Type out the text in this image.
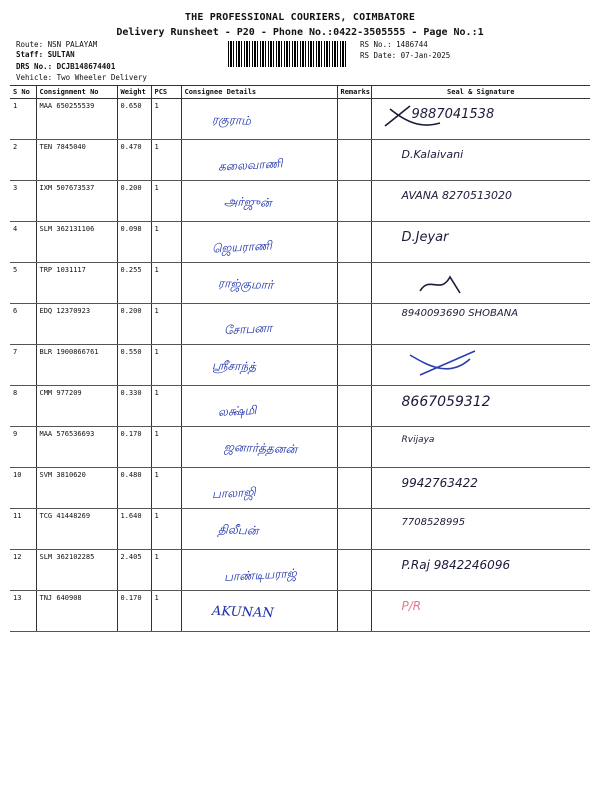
THE PROFESSIONAL COURIERS, COIMBATORE
Delivery Runsheet - P20 - Phone No.:0422-3505555 - Page No.:1
Route: NSN PALAYAM
Staff: SULTAN
DRS No.: DCJB148674401
Vehicle: Two Wheeler Delivery
RS No.: 1486744
RS Date: 07-Jan-2025
S No	Consignment No	Weight	PCS	Consignee Details	Remarks	Seal & Signature
1	MAA 650255539	0.650	1	ரகுராம்		9887041538

2	TEN 7845040	0.470	1	கலைவாணி		D.Kalaivani

3	IXM 507673537	0.200	1	அர்ஜுன்		AVANA 8270513020

4	SLM 362131106	0.098	1	ஜெயராணி		D.Jeyar

5	TRP 1031117	0.255	1	ராஜ்குமார்

6	EDQ 12370923	0.200	1	சோபனா		8940093690 SHOBANA

7	BLR 1900866761	0.550	1	ஸ்ரீசாந்த்

8	CMM 977209	0.330	1	லக்ஷ்மி		8667059312

9	MAA 576536693	0.170	1	ஜனார்த்தனன்		Rvijaya

10	SVM 3810620	0.480	1	பாலாஜி		9942763422

11	TCG 41448269	1.640	1	திலீபன்		7708528995

12	SLM 362102285	2.405	1	பாண்டியராஜ்		P.Raj 9842246096

13	TNJ 640908	0.170	1	AKUNAN		P/R
